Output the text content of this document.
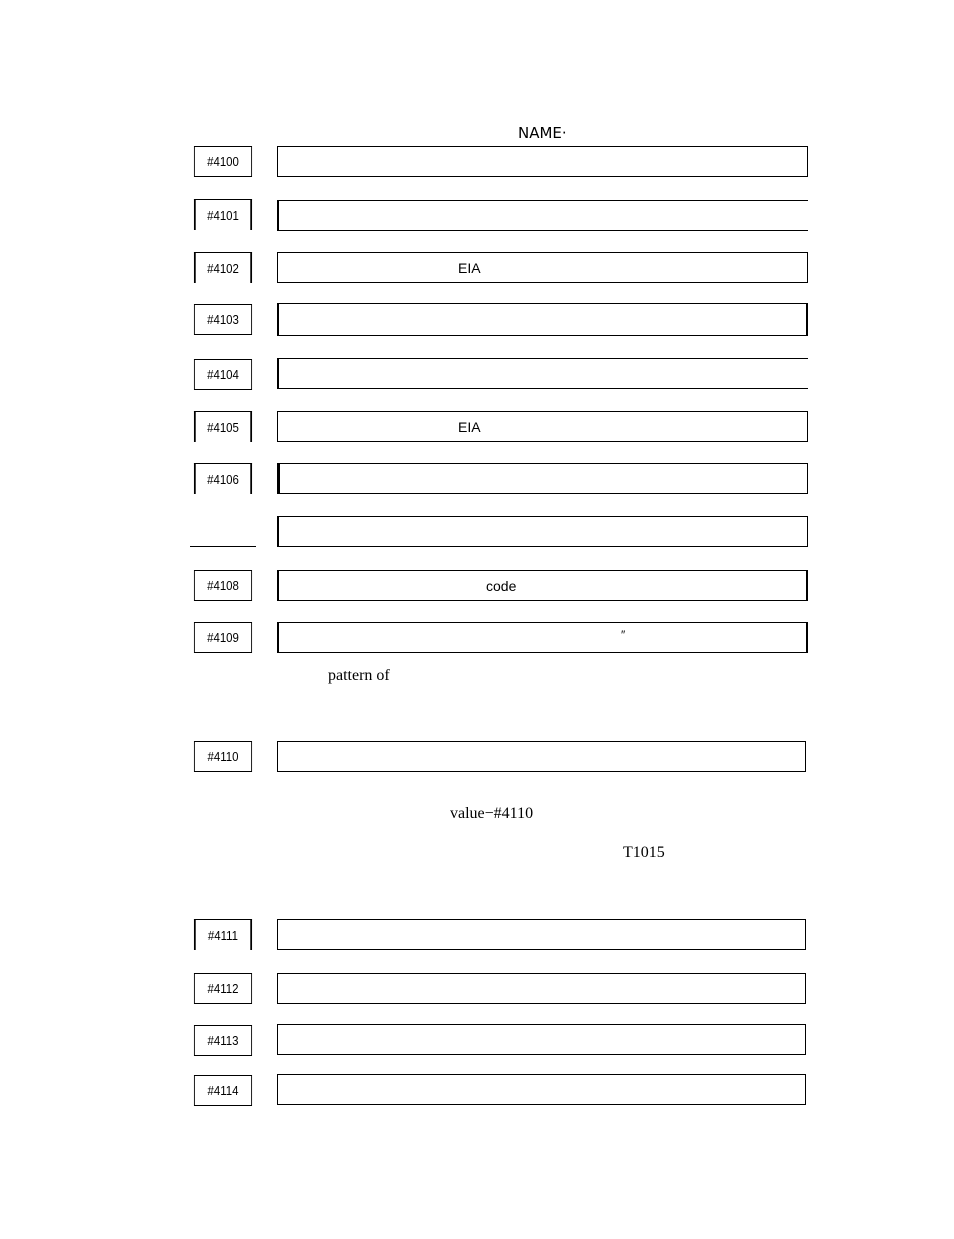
NAME·
#4100
#4101
#4102	EIA
#4103
#4104
#4105	EIA
#4106
#4108	code
#4109	″
pattern of
#4110
value−#4110
T1015
#4111
#4112
#4113
#4114
